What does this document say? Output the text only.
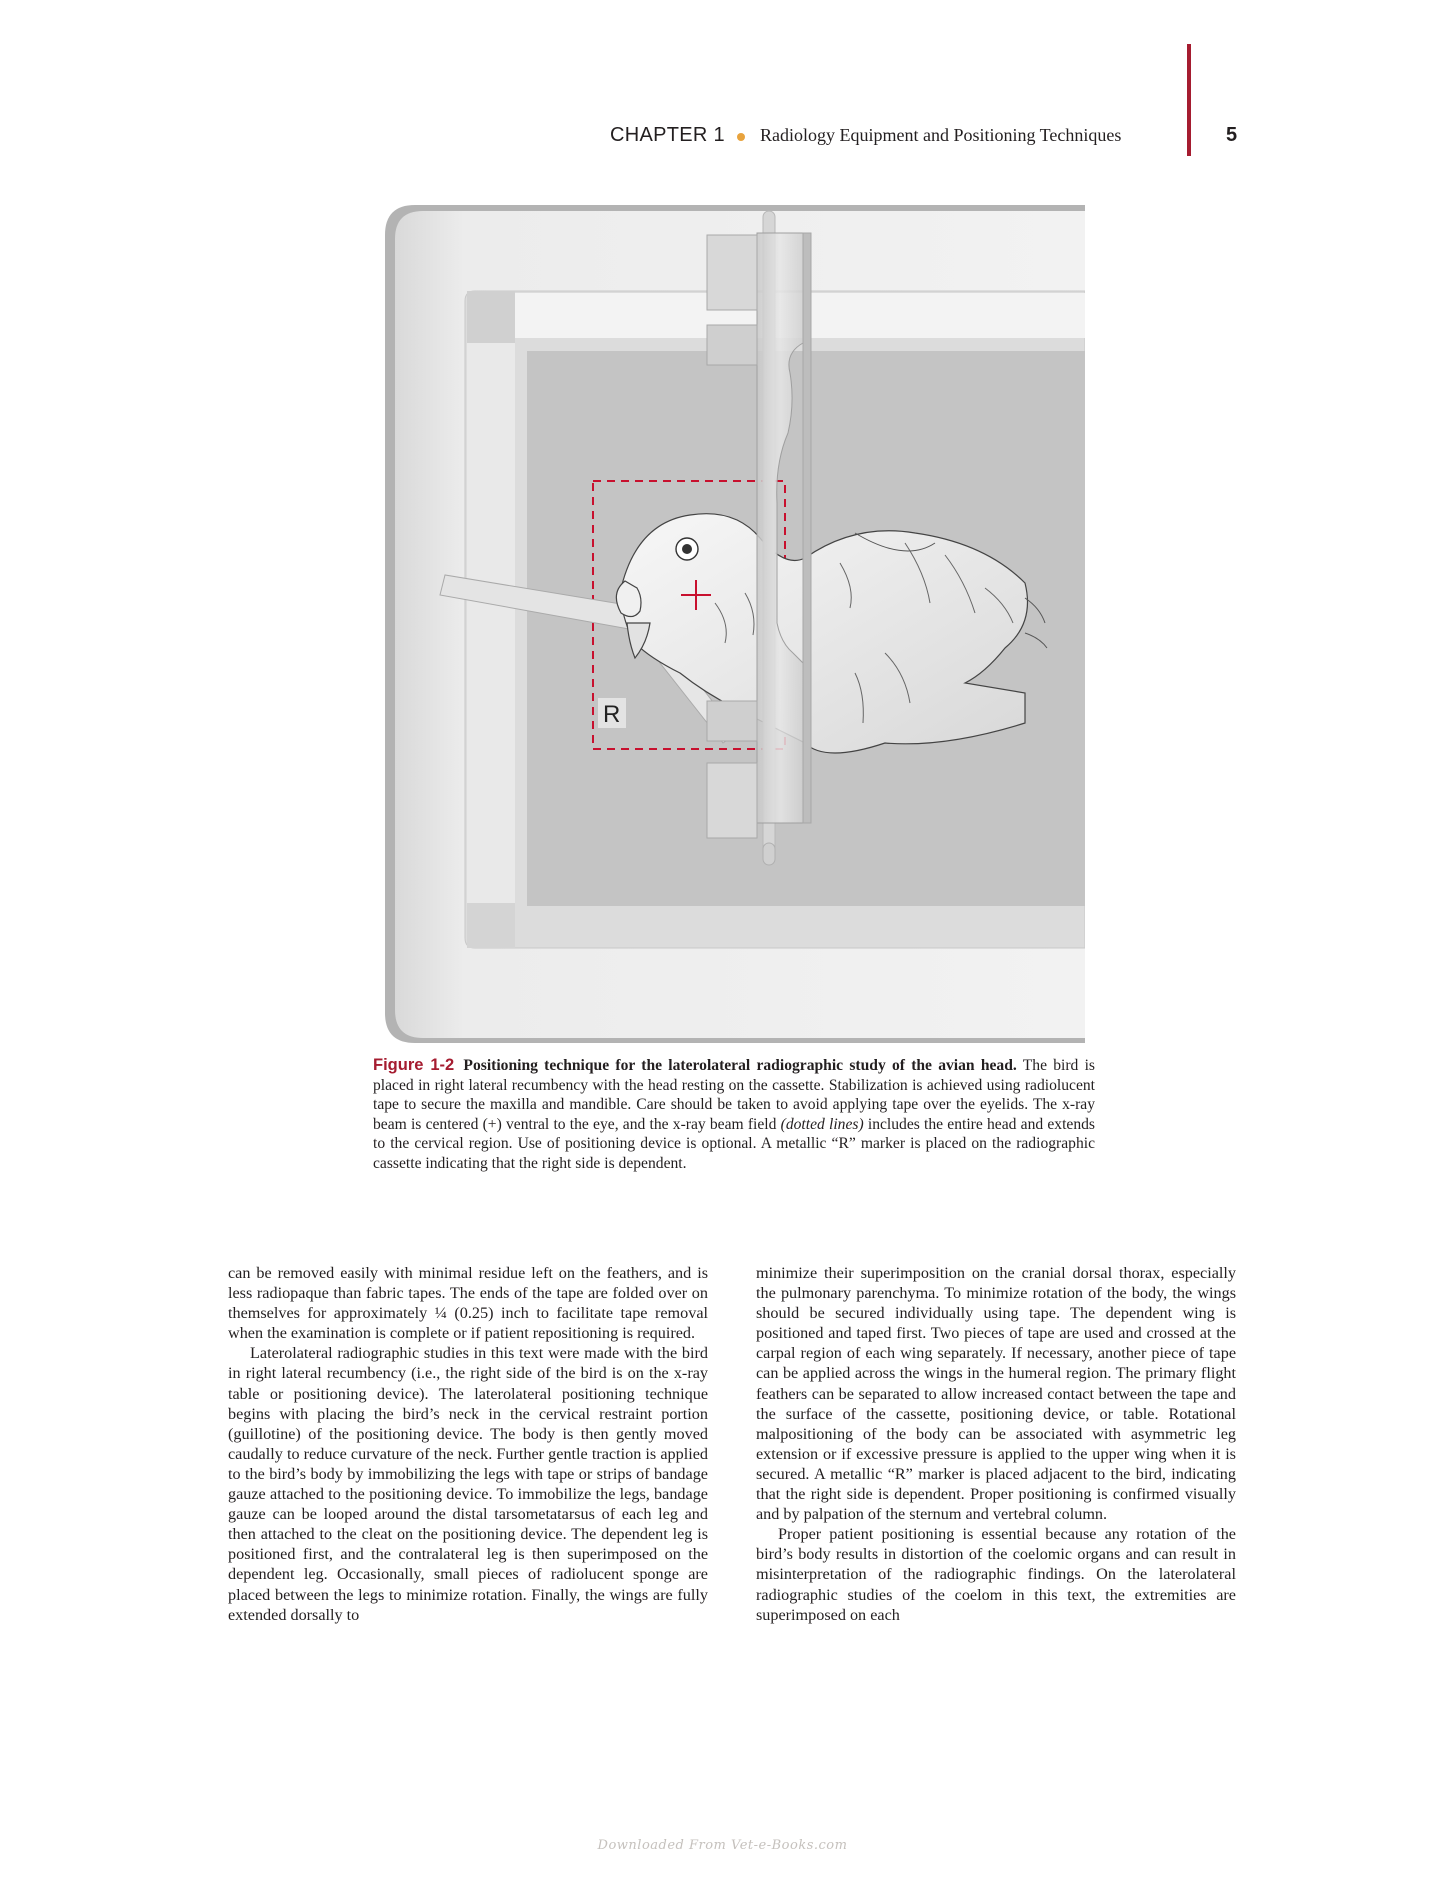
CHAPTER 1 Radiology Equipment and Positioning Techniques	5
R
Figure 1-2 Positioning technique for the laterolateral radiographic study of the avian head. The bird is placed in right lateral recumbency with the head resting on the cassette. Stabilization is achieved using radiolucent tape to secure the maxilla and mandible. Care should be taken to avoid applying tape over the eyelids. The x-ray beam is centered (+) ventral to the eye, and the x-ray beam field (dotted lines) includes the entire head and extends to the cervical region. Use of positioning device is optional. A metallic “R” marker is placed on the radiographic cassette indicating that the right side is dependent.

can be removed easily with minimal residue left on the feathers, and is less radiopaque than fabric tapes. The ends of the tape are folded over on themselves for approximately ¼ (0.25) inch to facilitate tape removal when the examination is complete or if patient repositioning is required.

Laterolateral radiographic studies in this text were made with the bird in right lateral recumbency (i.e., the right side of the bird is on the x-ray table or positioning device). The laterolateral positioning technique begins with placing the bird’s neck in the cervical restraint portion (guillotine) of the positioning device. The body is then gently moved caudally to reduce curvature of the neck. Further gentle traction is applied to the bird’s body by immobilizing the legs with tape or strips of bandage gauze attached to the positioning device. To immobilize the legs, bandage gauze can be looped around the distal tarsometatarsus of each leg and then attached to the cleat on the positioning device. The dependent leg is positioned first, and the contralateral leg is then superimposed on the dependent leg. Occasionally, small pieces of radiolucent sponge are placed between the legs to minimize rotation. Finally, the wings are fully extended dorsally to

minimize their superimposition on the cranial dorsal thorax, especially the pulmonary parenchyma. To minimize rotation of the body, the wings should be secured individually using tape. The dependent wing is positioned and taped first. Two pieces of tape are used and crossed at the carpal region of each wing separately. If necessary, another piece of tape can be applied across the wings in the humeral region. The primary flight feathers can be separated to allow increased contact between the tape and the surface of the cassette, positioning device, or table. Rotational malpositioning of the body can be associated with asymmetric leg extension or if excessive pressure is applied to the upper wing when it is secured. A metallic “R” marker is placed adjacent to the bird, indicating that the right side is dependent. Proper positioning is confirmed visually and by palpation of the sternum and vertebral column.

Proper patient positioning is essential because any rotation of the bird’s body results in distortion of the coelomic organs and can result in misinterpretation of the radiographic findings. On the laterolateral radiographic studies of the coelom in this text, the extremities are superimposed on each

Downloaded From Vet-e-Books.com
